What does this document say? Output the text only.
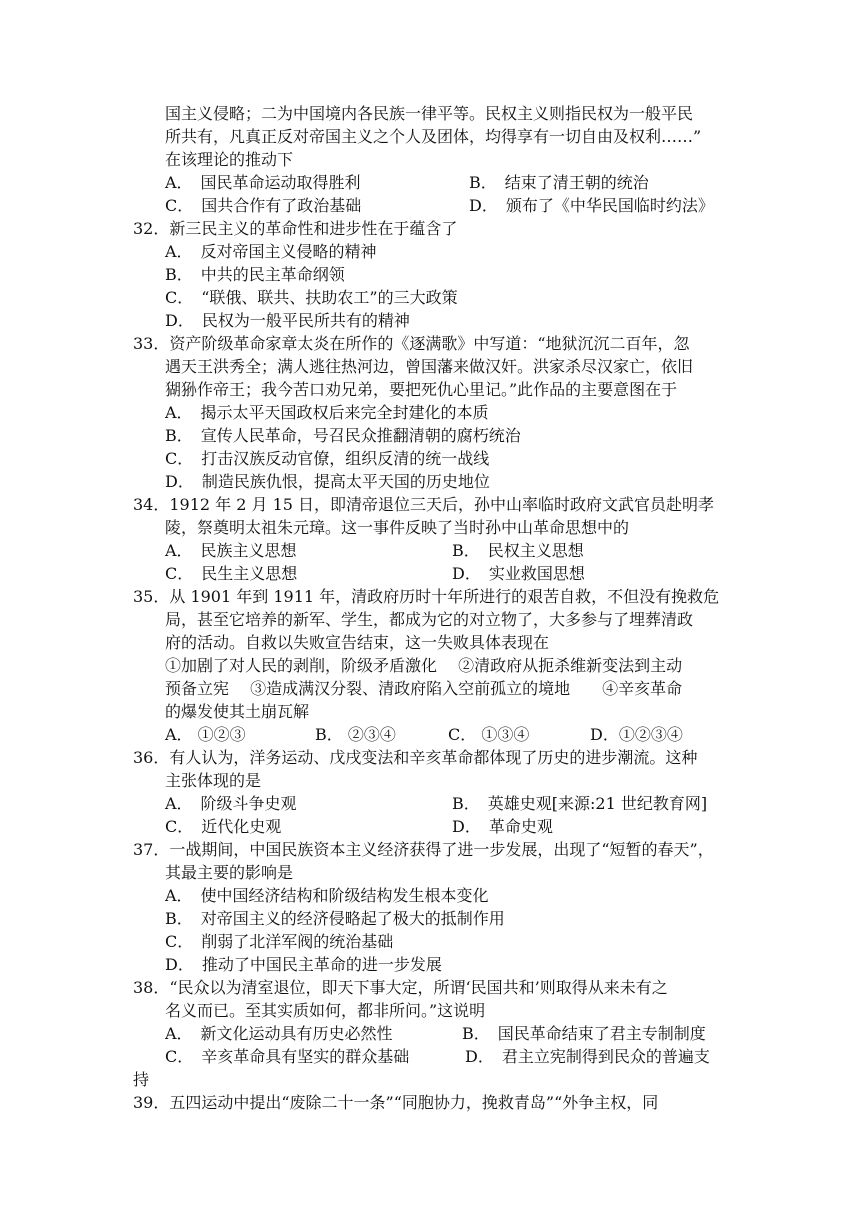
国主义侵略；二为中国境内各民族一律平等。民权主义则指民权为一般平民
所共有，凡真正反对帝国主义之个人及团体，均得享有一切自由及权利……”
在该理论的推动下
A．　国民革命运动取得胜利	B．　结束了清王朝的统治
C．　国共合作有了政治基础	D．　颁布了《中华民国临时约法》
32．新三民主义的革命性和进步性在于蕴含了
A．　反对帝国主义侵略的精神
B．　中共的民主革命纲领
C．　“联俄、联共、扶助农工”的三大政策
D．　民权为一般平民所共有的精神
33．资产阶级革命家章太炎在所作的《逐满歌》中写道：“地狱沉沉二百年，忽
遇天王洪秀全；满人逃往热河边，曾国藩来做汉奸。洪家杀尽汉家亡，依旧
猢狲作帝王；我今苦口劝兄弟，要把死仇心里记。”此作品的主要意图在于
A．　揭示太平天国政权后来完全封建化的本质
B．　宣传人民革命，号召民众推翻清朝的腐朽统治
C．　打击汉族反动官僚，组织反清的统一战线
D．　制造民族仇恨，提高太平天国的历史地位
34．1912 年 2 月 15 日，即清帝退位三天后，孙中山率临时政府文武官员赴明孝
陵，祭奠明太祖朱元璋。这一事件反映了当时孙中山革命思想中的
A．　民族主义思想	B．　民权主义思想
C．　民生主义思想	D．　实业救国思想
35．从 1901 年到 1911 年，清政府历时十年所进行的艰苦自救，不但没有挽救危
局，甚至它培养的新军、学生，都成为它的对立物了，大多参与了埋葬清政
府的活动。自救以失败宣告结束，这一失败具体表现在
①加剧了对人民的剥削，阶级矛盾激化　 ②清政府从扼杀维新变法到主动
预备立宪　 ③造成满汉分裂、清政府陷入空前孤立的境地　　④辛亥革命
的爆发使其土崩瓦解
A． ①②③	B． ②③④	C． ①③④	D．①②③④
36．有人认为，洋务运动、戊戌变法和辛亥革命都体现了历史的进步潮流。这种
主张体现的是
A．　阶级斗争史观	B．　英雄史观[来源:21 世纪教育网]
C．　近代化史观	D．　革命史观
37．一战期间，中国民族资本主义经济获得了进一步发展，出现了“短暂的春天”，
其最主要的影响是
A．　使中国经济结构和阶级结构发生根本变化
B．　对帝国主义的经济侵略起了极大的抵制作用
C．　削弱了北洋军阀的统治基础
D．　推动了中国民主革命的进一步发展
38．“民众以为清室退位，即天下事大定，所谓‘民国共和’则取得从来未有之
名义而已。至其实质如何，都非所问。”这说明
A．　新文化运动具有历史必然性	B．　国民革命结束了君主专制制度
C．　辛亥革命具有坚实的群众基础	D．　君主立宪制得到民众的普遍支
持
39．五四运动中提出“废除二十一条”“同胞协力，挽救青岛”“外争主权，同
